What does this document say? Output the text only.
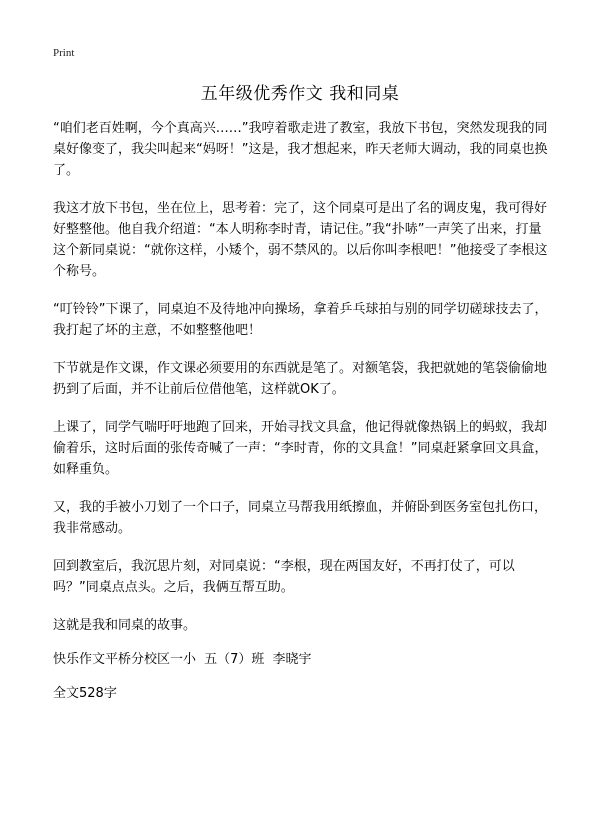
Print
五年级优秀作文 我和同桌

“咱们老百姓啊，今个真高兴……”我哼着歌走进了教室，我放下书包，突然发现我的同桌好像变了，我尖叫起来“妈呀！”这是，我才想起来，昨天老师大调动，我的同桌也换了。

我这才放下书包，坐在位上，思考着：完了，这个同桌可是出了名的调皮鬼，我可得好好整整他。他自我介绍道：“本人明称李时青，请记住。”我“扑哧”一声笑了出来，打量这个新同桌说：“就你这样，小矮个，弱不禁风的。以后你叫李根吧！”他接受了李根这个称号。

“叮铃铃”下课了，同桌迫不及待地冲向操场，拿着乒乓球拍与别的同学切磋球技去了，我打起了坏的主意，不如整整他吧！

下节就是作文课，作文课必须要用的东西就是笔了。对额笔袋，我把就她的笔袋偷偷地扔到了后面，并不让前后位借他笔，这样就OK了。

上课了，同学气喘吁吁地跑了回来，开始寻找文具盒，他记得就像热锅上的蚂蚁，我却偷着乐，这时后面的张传奇喊了一声：“李时青，你的文具盒！”同桌赶紧拿回文具盒，如释重负。

又，我的手被小刀划了一个口子，同桌立马帮我用纸擦血，并俯卧到医务室包扎伤口，我非常感动。

回到教室后，我沉思片刻，对同桌说：“李根，现在两国友好，不再打仗了，可以吗？”同桌点点头。之后，我俩互帮互助。

这就是我和同桌的故事。

快乐作文平桥分校区一小 五（7）班 李晓宇

全文528字
